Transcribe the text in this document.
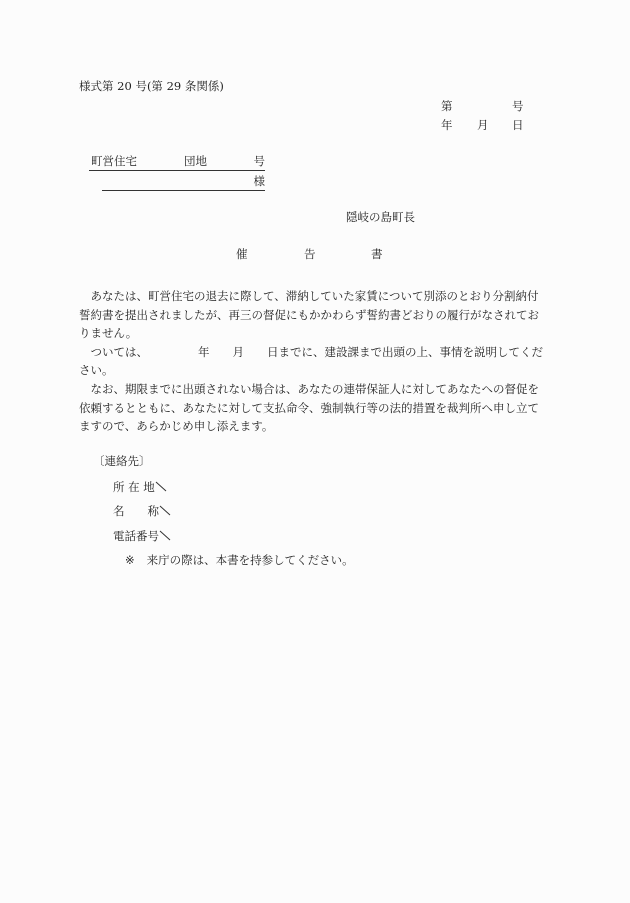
様式第 20 号(第 29 条関係)
第	号
年 月 日
町営住宅	団地	号
様
隠岐の島町長
催	告	書

　あなたは、町営住宅の退去に際して、滞納していた家賃について別添のとおり分割納付
誓約書を提出されましたが、再三の督促にもかかわらず誓約書どおりの履行がなされてお
りません。

　ついては、	年 月 日までに、建設課まで出頭の上、事情を説明してくだ
さい。

　なお、期限までに出頭されない場合は、あなたの連帯保証人に対してあなたへの督促を
依頼するとともに、あなたに対して支払命令、強制執行等の法的措置を裁判所へ申し立て
ますので、あらかじめ申し添えます。

〔連絡先〕
所 在 地
名　　称
電話番号
※ 来庁の際は、本書を持参してください。
